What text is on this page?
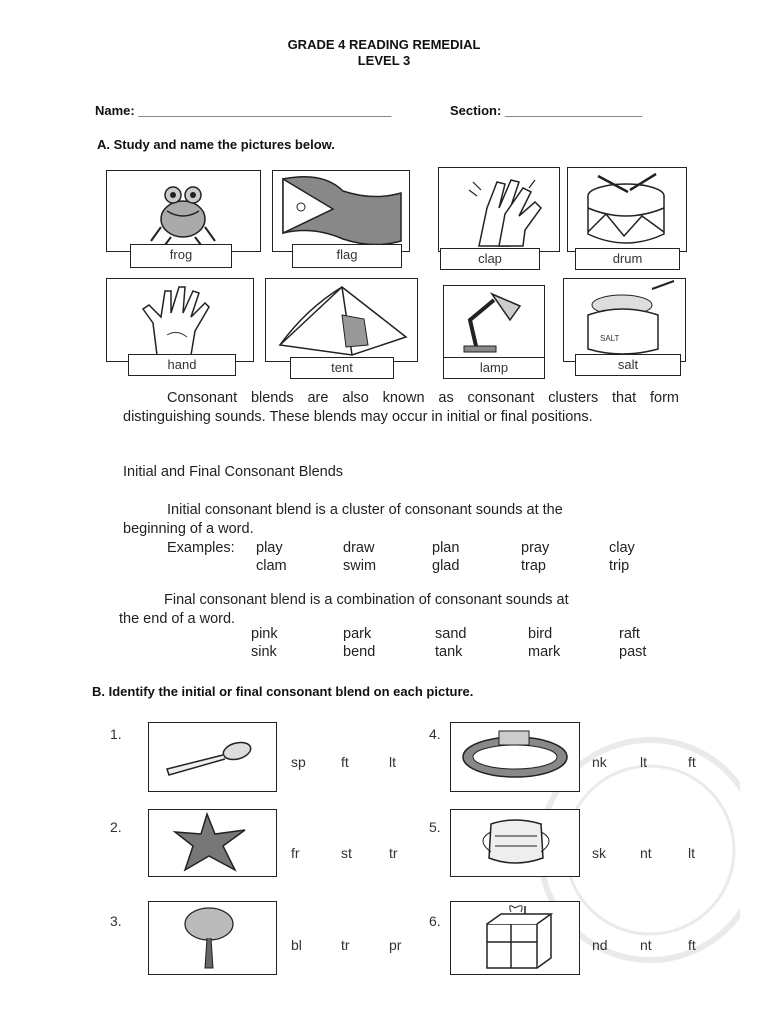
GRADE 4 READING REMEDIAL
LEVEL 3
Name: ___________________________________	Section: ___________________
A. Study and name the pictures below.
frog	flag	clap	drum
hand	tent	lamp
SALT
salt
Consonant blends are also known as consonant clusters that form distinguishing sounds. These blends may occur in initial or final positions.
Initial and Final Consonant Blends
Initial consonant blend is a cluster of consonant sounds at the
beginning of a word.
Examples: play	draw	plan	pray	clay
clam	swim	glad	trap	trip
Final consonant blend is a combination of consonant sounds at
the end of a word.
pink	park	sand	bird	raft
sink	bend	tank	mark	past
B. Identify the initial or final consonant blend on each picture.
1.
sp	ft	lt
2.
fr	st	tr
3.
bl	tr	pr
4.
nk lt	ft
5.
sk nt	lt
6.
nd nt	ft
